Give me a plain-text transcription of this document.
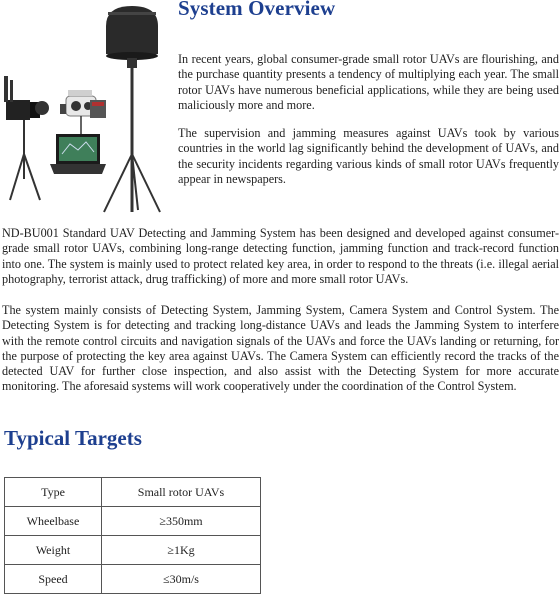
System Overview

In recent years, global consumer-grade small rotor UAVs are flourishing, and the purchase quantity presents a tendency of multiplying each year. The small rotor UAVs have numerous beneficial applications, while they are being used maliciously more and more.

The supervision and jamming measures against UAVs took by various countries in the world lag significantly behind the development of UAVs, and the security incidents regarding various kinds of small rotor UAVs frequently appear in newspapers.

ND-BU001 Standard UAV Detecting and Jamming System has been designed and developed against consumer-grade small rotor UAVs, combining long-range detecting function, jamming function and track-record function into one. The system is mainly used to protect related key area, in order to respond to the threats (i.e. illegal aerial photography, terrorist attack, drug trafficking) of more and more small rotor UAVs.

The system mainly consists of Detecting System, Jamming System, Camera System and Control System. The Detecting System is for detecting and tracking long-distance UAVs and leads the Jamming System to interfere with the remote control circuits and navigation signals of the UAVs and force the UAVs landing or returning, for the purpose of protecting the key area against UAVs. The Camera System can efficiently record the tracks of the detected UAV for further close inspection, and also assist with the Detecting System for more accurate monitoring. The aforesaid systems will work cooperatively under the coordination of the Control System.

Typical Targets
Type	Small rotor UAVs
Wheelbase	≥350mm
Weight	≥1Kg
Speed	≤30m/s
